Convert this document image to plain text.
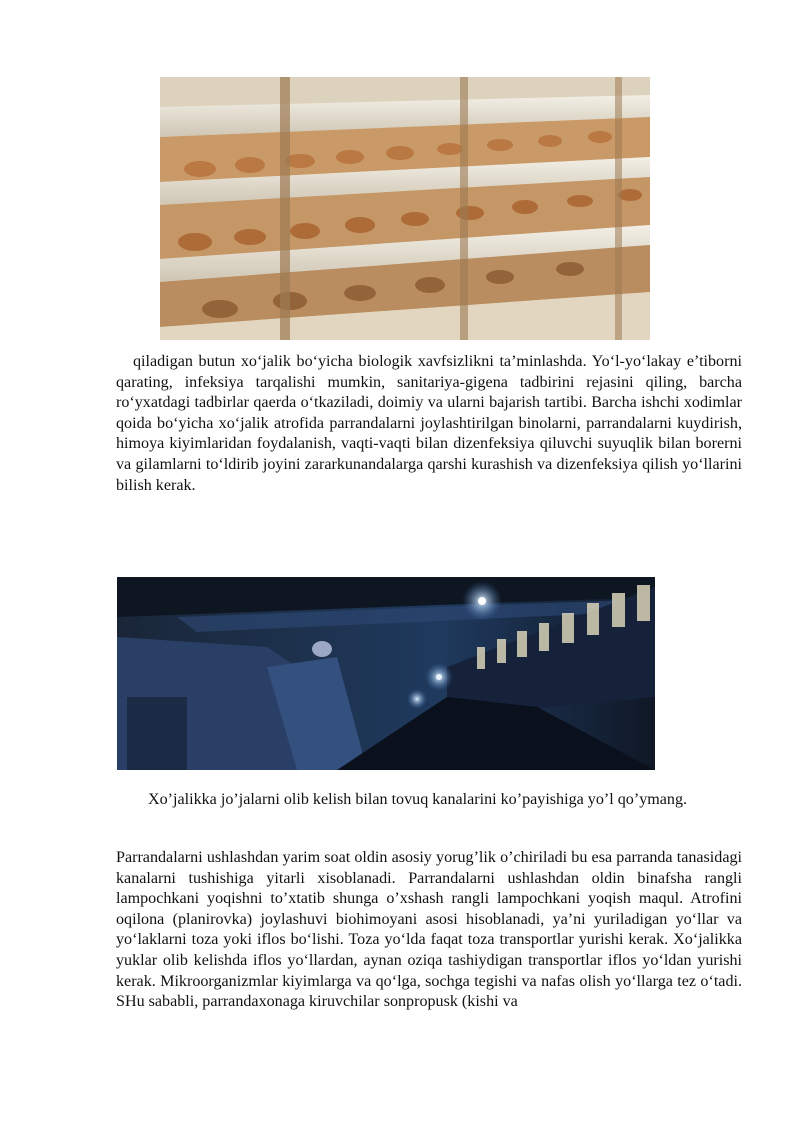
qiladigan butun xo‘jalik bo‘yicha biologik xavfsizlikni ta’minlashda. Yo‘l-yo‘lakay e’tiborni qarating, infeksiya tarqalishi mumkin, sanitariya-gigena tadbirini rejasini qiling, barcha ro‘yxatdagi tadbirlar qaerda o‘tkaziladi, doimiy va ularni bajarish tartibi. Barcha ishchi xodimlar qoida bo‘yicha xo‘jalik atrofida parrandalarni joylashtirilgan binolarni, parrandalarni kuydirish, himoya kiyimlaridan foydalanish, vaqti-vaqti bilan dizenfeksiya qiluvchi suyuqlik bilan borerni va gilamlarni to‘ldirib joyini zararkunandalarga qarshi kurashish va dizenfeksiya qilish yo‘llarini bilish kerak.

Xo’jalikka jo’jalarni olib kelish bilan tovuq kanalarini ko’payishiga yo’l qo’ymang.

Parrandalarni ushlashdan yarim soat oldin asosiy yorug’lik o’chiriladi bu esa parranda tanasidagi kanalarni tushishiga yitarli xisoblanadi. Parrandalarni ushlashdan oldin binafsha rangli lampochkani yoqishni to’xtatib shunga o’xshash rangli lampochkani yoqish maqul. Atrofini oqilona (planirovka) joylashuvi biohimoyani asosi hisoblanadi, ya’ni yuriladigan yo‘llar va yo‘laklarni toza yoki iflos bo‘lishi. Toza yo‘lda faqat toza transportlar yurishi kerak. Xo‘jalikka yuklar olib kelishda iflos yo‘llardan, aynan oziqa tashiydigan transportlar iflos yo‘ldan yurishi kerak. Mikroorganizmlar kiyimlarga va qo‘lga, sochga tegishi va nafas olish yo‘llarga tez o‘tadi. SHu sababli, parrandaxonaga kiruvchilar sonpropusk (kishi va
